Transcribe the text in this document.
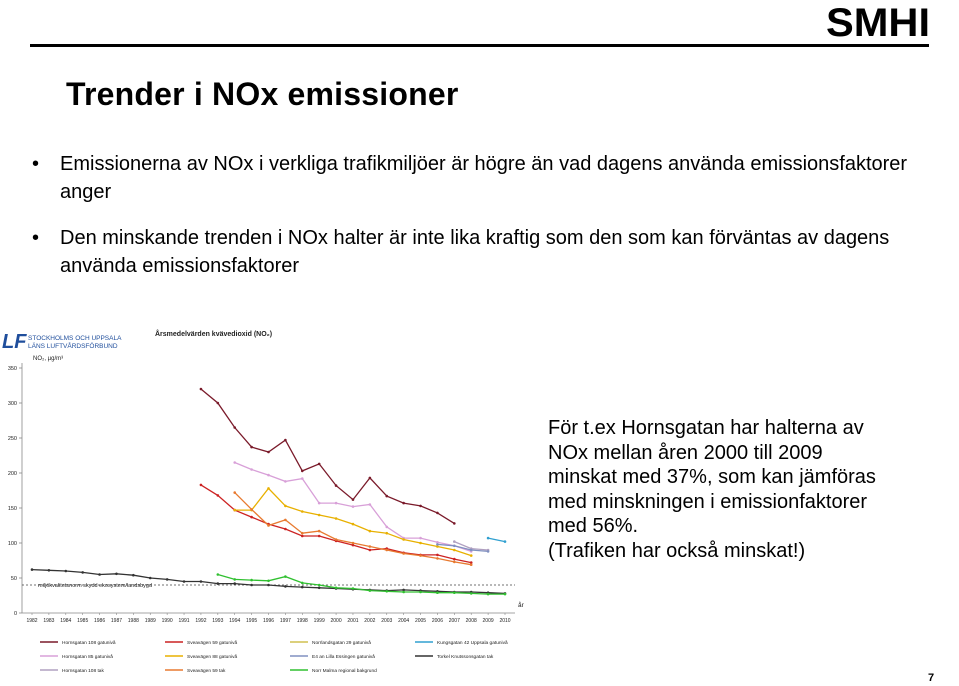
SMHI
Trender i NOx emissioner
• Emissionerna av NOx i verkliga trafikmiljöer är högre än vad dagens använda emissionsfaktorer anger
• Den minskande trenden i NOx halter är inte lika kraftig som den som kan förväntas av dagens använda emissionsfaktorer
LF STOCKHOLMS OCH UPPSALA
LÄNS LUFTVÅRDSFÖRBUND
Årsmedelvärden kvävedioxid (NO₂)
NO₂, µg/m³
år
miljökvalitetsnorm skydd ekosystem/landsbygd
0
50
100
150
200
250
300
350
1982 1983 1984 1985 1986 1987 1988 1989 1990 1991 1992 1993 1994 1995 1996 1997 1998 1999 2000 2001 2002 2003 2004 2005 2006 2007 2008 2009 2010
Hornsgatan 108 gatunivå	Sveavägen 59 gatunivå	Norrlandsgatan 29 gatunivå	Kungsgatan 42 Uppsala gatunivå
Hornsgatan 85 gatunivå	Sveavägen 88 gatunivå	E4 an Lilla Essingen gatunivå	Torkel Knutssonsgatan tak
Hornsgatan 108 tak	Sveavägen 59 tak	Norr Malma regional bakgrund
För t.ex Hornsgatan har halterna av
NOx mellan åren 2000 till 2009
minskat med 37%, som kan jämföras
med minskningen i emissionfaktorer
med 56%.
(Trafiken har också minskat!)
7
